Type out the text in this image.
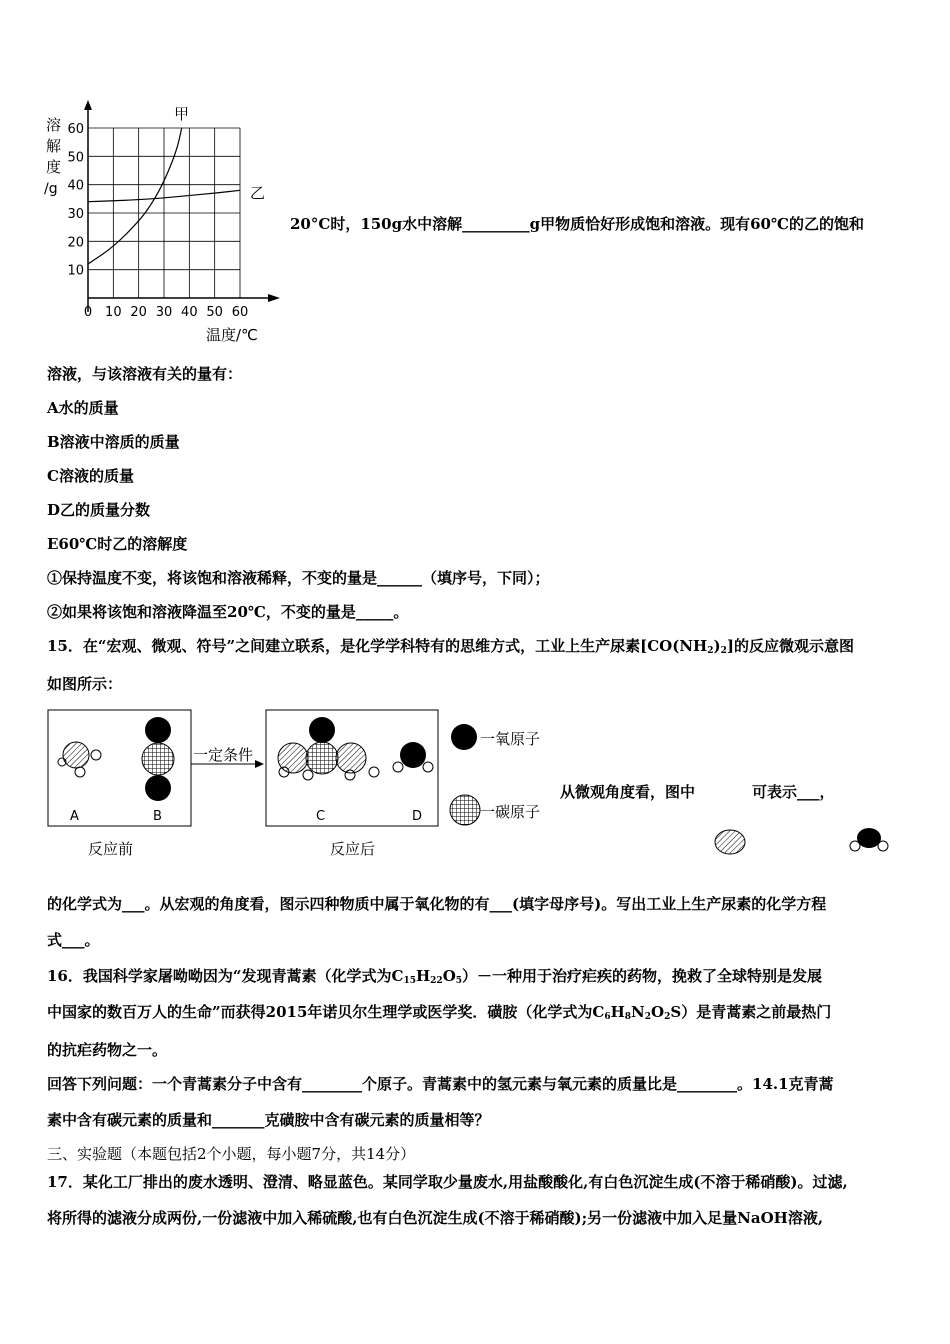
0 10 20 30 40 50 60
10
20
30
40
50
60
甲
乙
溶
解
度
/g
温度/℃
20°C时，150g水中溶解_________g甲物质恰好形成饱和溶液。现有60℃的乙的饱和
溶液，与该溶液有关的量有：
A水的质量
B溶液中溶质的质量
C溶液的质量
D乙的质量分数
E60℃时乙的溶解度
①保持温度不变，将该饱和溶液稀释，不变的量是______（填序号，下同）；
②如果将该饱和溶液降温至20℃，不变的量是_____。
15．在“宏观、微观、符号”之间建立联系，是化学学科特有的思维方式，工业上生产尿素$[CO(NH_2)_2]$的反应微观示意图
如图所示：
A	B
一定条件
C	D
反应前	反应后
一氧原子
一碳原子
从微观角度看，图中	可表示___，
的化学式为___。从宏观的角度看，图示四种物质中属于氧化物的有___(填字母序号)。写出工业上生产尿素的化学方程
式___。
16．我国科学家屠呦呦因为“发现青蒿素（化学式为$C_{15}H_{22}O_5)-$一种用于治疗疟疾的药物，挽救了全球特别是发展
中国家的数百万人的生命”而获得2015年诺贝尔生理学或医学奖．磺胺（化学式为$C_6H_8N_2O_2S$）是青蒿素之前最热门
的抗疟药物之一。
回答下列问题：一个青蒿素分子中含有________个原子。青蒿素中的氢元素与氧元素的质量比是________。14.1克青蒿
素中含有碳元素的质量和_______克磺胺中含有碳元素的质量相等？
三、实验题（本题包括2个小题，每小题7分，共14分）
17．某化工厂排出的废水透明、澄清、略显蓝色。某同学取少量废水,用盐酸酸化,有白色沉淀生成(不溶于稀硝酸)。过滤,
将所得的滤液分成两份,一份滤液中加入稀硫酸,也有白色沉淀生成(不溶于稀硝酸);另一份滤液中加入足量NaOH溶液,
